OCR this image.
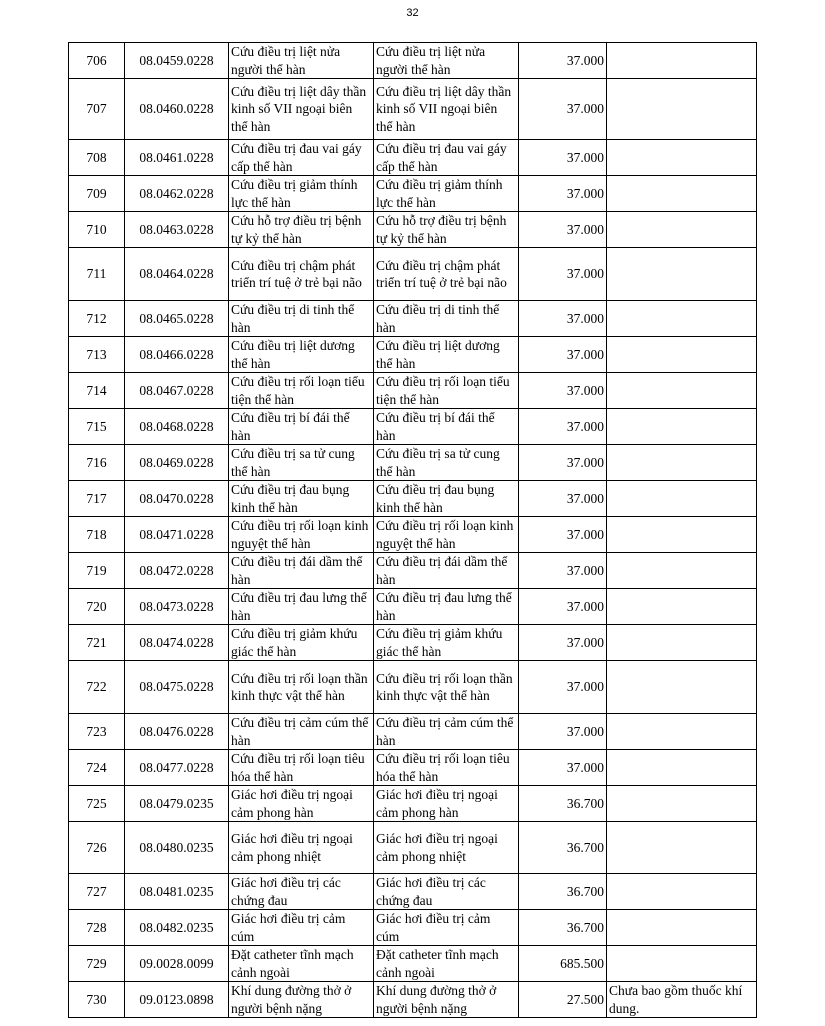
32
706	08.0459.0228	Cứu điều trị liệt nửa người thể hàn	Cứu điều trị liệt nửa người thể hàn	37.000	
707	08.0460.0228	Cứu điều trị liệt dây thần kinh số VII ngoại biên thể hàn	Cứu điều trị liệt dây thần kinh số VII ngoại biên thể hàn	37.000	
708	08.0461.0228	Cứu điều trị đau vai gáy cấp thể hàn	Cứu điều trị đau vai gáy cấp thể hàn	37.000	
709	08.0462.0228	Cứu điều trị giảm thính lực thể hàn	Cứu điều trị giảm thính lực thể hàn	37.000	
710	08.0463.0228	Cứu hỗ trợ điều trị bệnh tự kỷ thể hàn	Cứu hỗ trợ điều trị bệnh tự kỷ thể hàn	37.000	
711	08.0464.0228	Cứu điều trị chậm phát triển trí tuệ ở trẻ bại não	Cứu điều trị chậm phát triển trí tuệ ở trẻ bại não	37.000	
712	08.0465.0228	Cứu điều trị di tinh thể hàn	Cứu điều trị di tinh thể hàn	37.000	
713	08.0466.0228	Cứu điều trị liệt dương thể hàn	Cứu điều trị liệt dương thể hàn	37.000	
714	08.0467.0228	Cứu điều trị rối loạn tiểu tiện thể hàn	Cứu điều trị rối loạn tiểu tiện thể hàn	37.000	
715	08.0468.0228	Cứu điều trị bí đái thể hàn	Cứu điều trị bí đái thể hàn	37.000	
716	08.0469.0228	Cứu điều trị sa tử cung thể hàn	Cứu điều trị sa tử cung thể hàn	37.000	
717	08.0470.0228	Cứu điều trị đau bụng kinh thể hàn	Cứu điều trị đau bụng kinh thể hàn	37.000	
718	08.0471.0228	Cứu điều trị rối loạn kinh nguyệt thể hàn	Cứu điều trị rối loạn kinh nguyệt thể hàn	37.000	
719	08.0472.0228	Cứu điều trị đái dầm thể hàn	Cứu điều trị đái dầm thể hàn	37.000	
720	08.0473.0228	Cứu điều trị đau lưng thể hàn	Cứu điều trị đau lưng thể hàn	37.000	
721	08.0474.0228	Cứu điều trị giảm khứu giác thể hàn	Cứu điều trị giảm khứu giác thể hàn	37.000	
722	08.0475.0228	Cứu điều trị rối loạn thần kinh thực vật thể hàn	Cứu điều trị rối loạn thần kinh thực vật thể hàn	37.000	
723	08.0476.0228	Cứu điều trị cảm cúm thể hàn	Cứu điều trị cảm cúm thể hàn	37.000	
724	08.0477.0228	Cứu điều trị rối loạn tiêu hóa thể hàn	Cứu điều trị rối loạn tiêu hóa thể hàn	37.000	
725	08.0479.0235	Giác hơi điều trị ngoại cảm phong hàn	Giác hơi điều trị ngoại cảm phong hàn	36.700	
726	08.0480.0235	Giác hơi điều trị ngoại cảm phong nhiệt	Giác hơi điều trị ngoại cảm phong nhiệt	36.700	
727	08.0481.0235	Giác hơi điều trị các chứng đau	Giác hơi điều trị các chứng đau	36.700	
728	08.0482.0235	Giác hơi điều trị cảm cúm	Giác hơi điều trị cảm cúm	36.700	
729	09.0028.0099	Đặt catheter tĩnh mạch cảnh ngoài	Đặt catheter tĩnh mạch cảnh ngoài	685.500	
730	09.0123.0898	Khí dung đường thở ở người bệnh nặng	Khí dung đường thở ở người bệnh nặng	27.500	Chưa bao gồm thuốc khí dung.
